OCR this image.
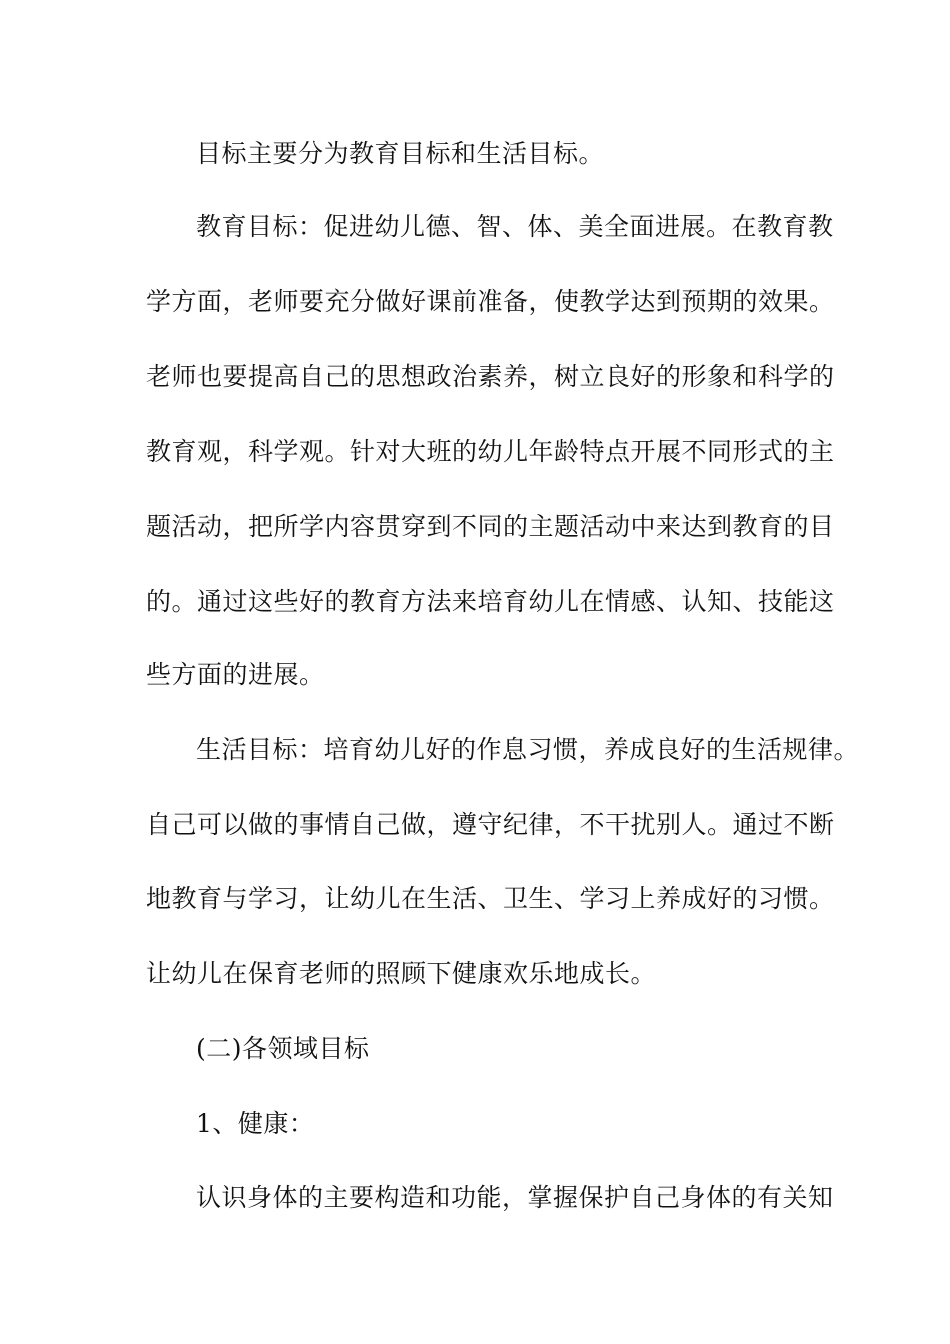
目标主要分为教育目标和生活目标。
教育目标：促进幼儿德、智、体、美全面进展。在教育教
学方面，老师要充分做好课前准备，使教学达到预期的效果。
老师也要提高自己的思想政治素养，树立良好的形象和科学的
教育观，科学观。针对大班的幼儿年龄特点开展不同形式的主
题活动，把所学内容贯穿到不同的主题活动中来达到教育的目
的。通过这些好的教育方法来培育幼儿在情感、认知、技能这
些方面的进展。
生活目标：培育幼儿好的作息习惯，养成良好的生活规律。
自己可以做的事情自己做，遵守纪律，不干扰别人。通过不断
地教育与学习，让幼儿在生活、卫生、学习上养成好的习惯。
让幼儿在保育老师的照顾下健康欢乐地成长。
(二)各领域目标
1、健康：
认识身体的主要构造和功能，掌握保护自己身体的有关知
